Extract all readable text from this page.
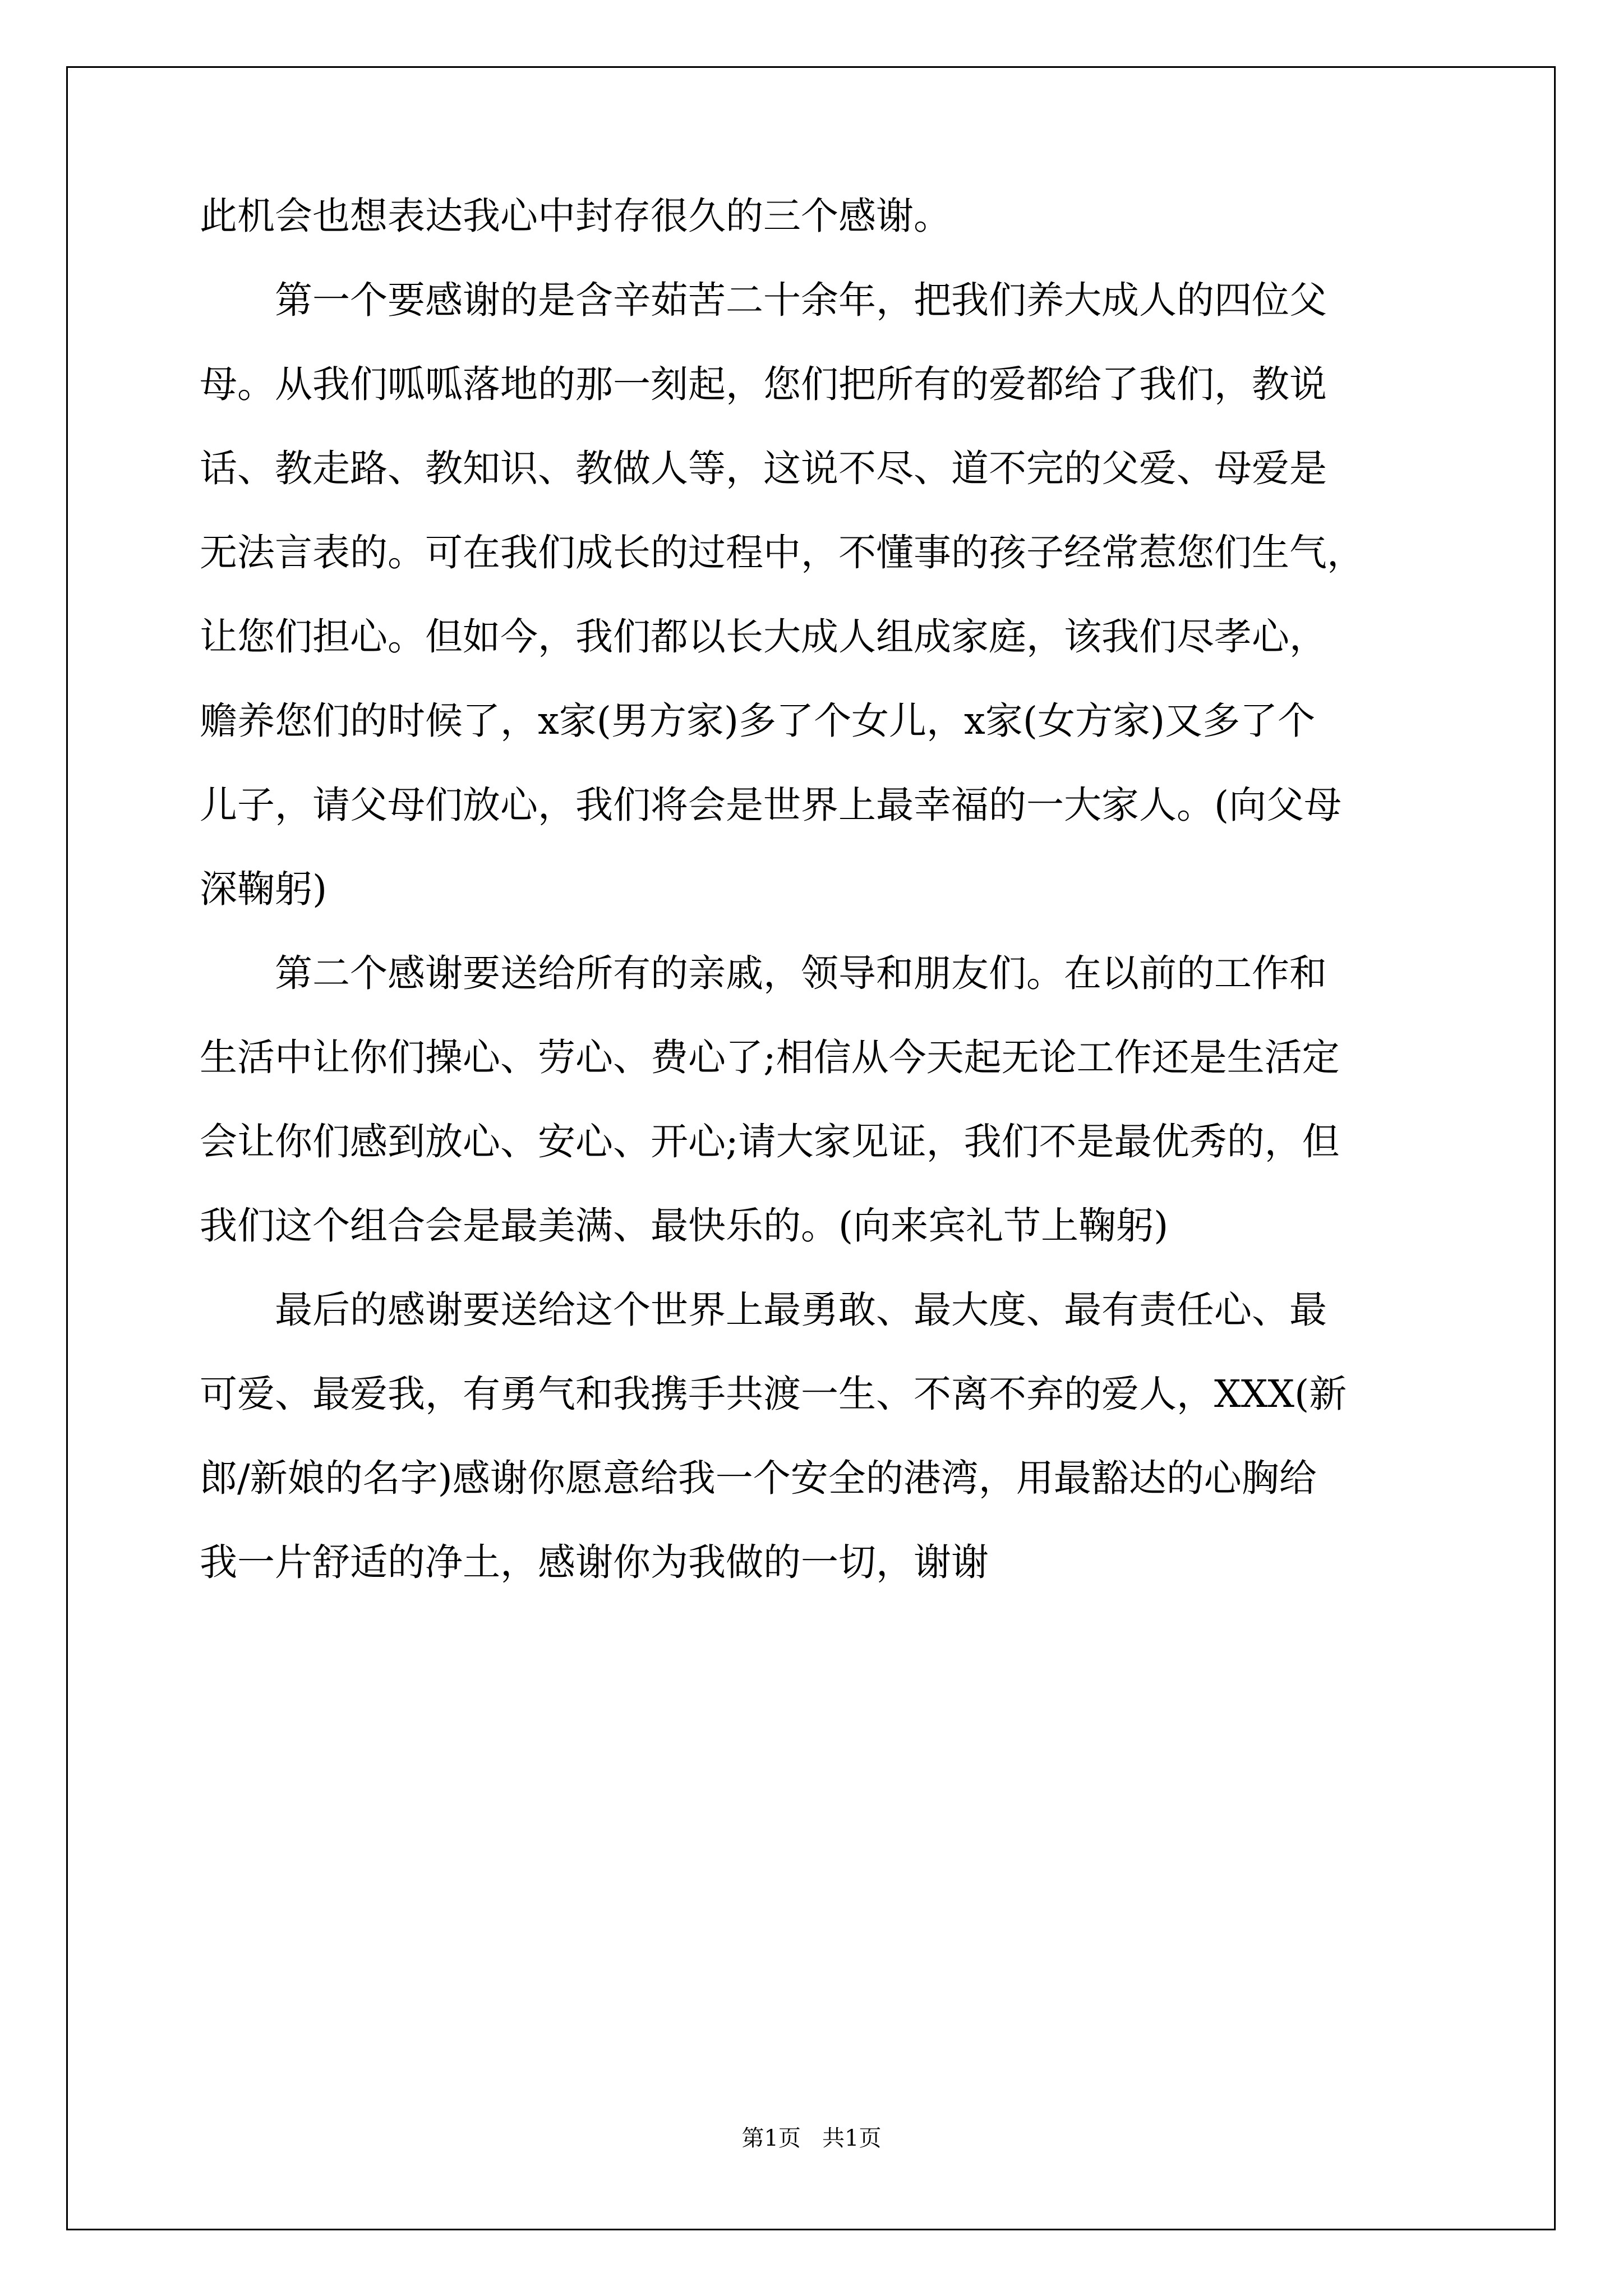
此机会也想表达我心中封存很久的三个感谢。
　　第一个要感谢的是含辛茹苦二十余年，把我们养大成人的四位父
母。从我们呱呱落地的那一刻起，您们把所有的爱都给了我们，教说
话、教走路、教知识、教做人等，这说不尽、道不完的父爱、母爱是
无法言表的。可在我们成长的过程中，不懂事的孩子经常惹您们生气，
让您们担心。但如今，我们都以长大成人组成家庭，该我们尽孝心，
赡养您们的时候了，x家(男方家)多了个女儿，x家(女方家)又多了个
儿子，请父母们放心，我们将会是世界上最幸福的一大家人。(向父母
深鞠躬)
　　第二个感谢要送给所有的亲戚，领导和朋友们。在以前的工作和
生活中让你们操心、劳心、费心了;相信从今天起无论工作还是生活定
会让你们感到放心、安心、开心;请大家见证，我们不是最优秀的，但
我们这个组合会是最美满、最快乐的。(向来宾礼节上鞠躬)
　　最后的感谢要送给这个世界上最勇敢、最大度、最有责任心、最
可爱、最爱我，有勇气和我携手共渡一生、不离不弃的爱人，XXX(新
郎/新娘的名字)感谢你愿意给我一个安全的港湾，用最豁达的心胸给
我一片舒适的净土，感谢你为我做的一切，谢谢
第1页   共1页
